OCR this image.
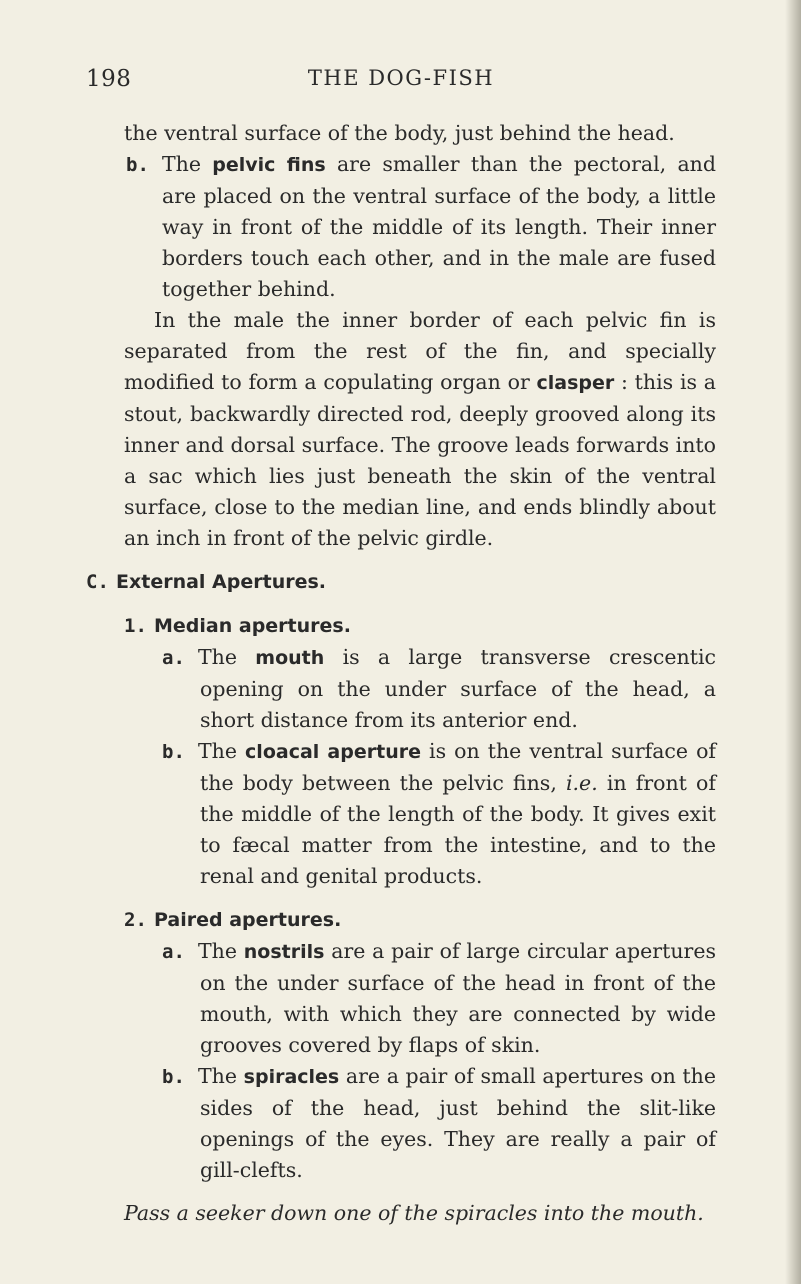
198	THE DOG-FISH

the ventral surface of the body, just behind the head.

b. The pelvic fins are smaller than the pectoral, and are placed on the ventral surface of the body, a little way in front of the middle of its length. Their inner borders touch each other, and in the male are fused together behind.

In the male the inner border of each pelvic fin is separated from the rest of the fin, and specially modified to form a copulating organ or clasper : this is a stout, backwardly directed rod, deeply grooved along its inner and dorsal surface. The groove leads forwards into a sac which lies just beneath the skin of the ventral surface, close to the median line, and ends blindly about an inch in front of the pelvic girdle.

C. External Apertures.

1. Median apertures.

a. The mouth is a large transverse crescentic opening on the under surface of the head, a short distance from its anterior end.

b. The cloacal aperture is on the ventral surface of the body between the pelvic fins, i.e. in front of the middle of the length of the body. It gives exit to fæcal matter from the intestine, and to the renal and genital products.

2. Paired apertures.

a. The nostrils are a pair of large circular apertures on the under surface of the head in front of the mouth, with which they are connected by wide grooves covered by flaps of skin.

b. The spiracles are a pair of small apertures on the sides of the head, just behind the slit-like openings of the eyes. They are really a pair of gill-clefts.

Pass a seeker down one of the spiracles into the mouth.
